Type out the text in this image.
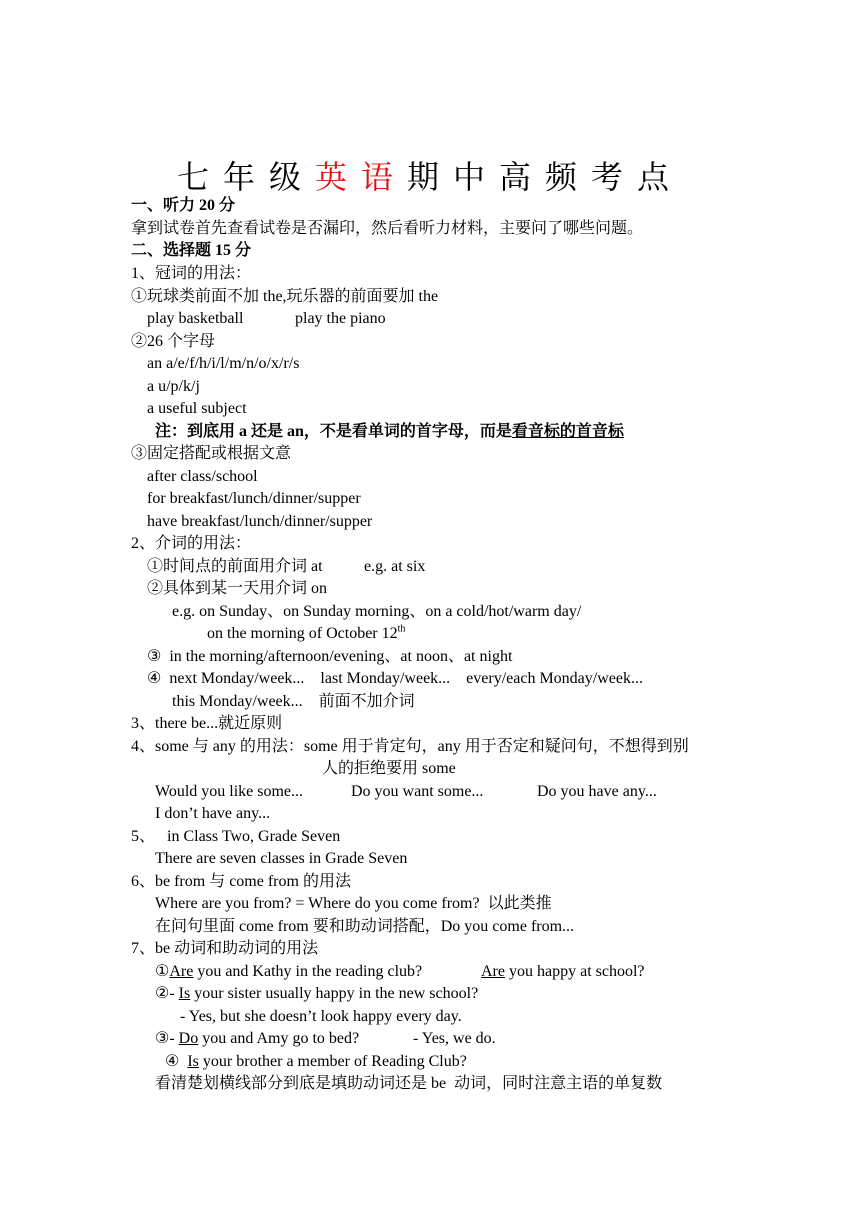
七年级英语期中高频考点
一、听力 20 分
拿到试卷首先查看试卷是否漏印，然后看听力材料，主要问了哪些问题。
二、选择题 15 分
1、冠词的用法：
①玩球类前面不加 the,玩乐器的前面要加 the
play basketball	play the piano
②26 个字母
an a/e/f/h/i/l/m/n/o/x/r/s
a u/p/k/j
a useful subject
注：到底用 a 还是 an，不是看单词的首字母，而是看音标的首音标
③固定搭配或根据文意
after class/school
for breakfast/lunch/dinner/supper
have breakfast/lunch/dinner/supper
2、介词的用法：
①时间点的前面用介词 at	e.g. at six
②具体到某一天用介词 on
e.g. on Sunday、on Sunday morning、on a cold/hot/warm day/
on the morning of October 12th
③  in the morning/afternoon/evening、at noon、at night
④  next Monday/week...    last Monday/week...    every/each Monday/week...
this Monday/week...    前面不加介词
3、there be...就近原则
4、some 与 any 的用法：some 用于肯定句，any 用于否定和疑问句，不想得到别
人的拒绝要用 some
Would you like some...	Do you want some...	Do you have any...
I don’t have any...
5、   in Class Two, Grade Seven
There are seven classes in Grade Seven
6、be from 与 come from 的用法
Where are you from? = Where do you come from?  以此类推
在问句里面 come from 要和助动词搭配，Do you come from...
7、be 动词和助动词的用法
①Are you and Kathy in the reading club?	Are you happy at school?
②- Is your sister usually happy in the new school?
- Yes, but she doesn’t look happy every day.
③- Do you and Amy go to bed?	- Yes, we do.
④  Is your brother a member of Reading Club?
看清楚划横线部分到底是填助动词还是 be  动词，同时注意主语的单复数
